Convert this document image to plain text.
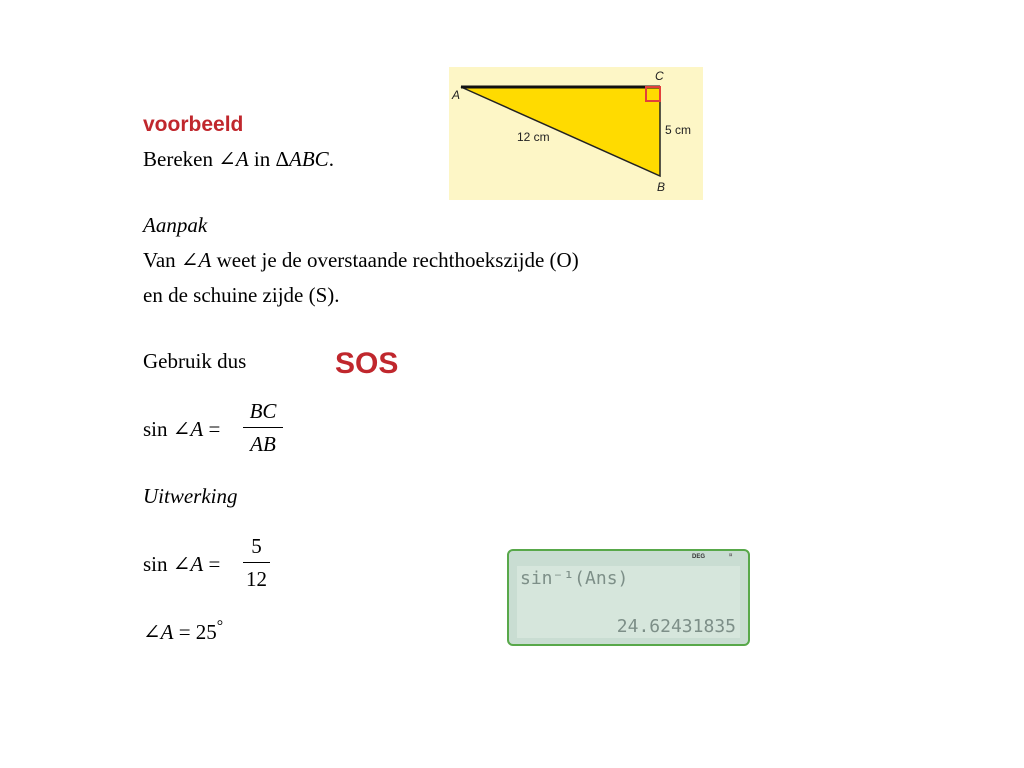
voorbeeld
Bereken ∠A in ΔABC.
Aanpak
Van ∠A weet je de overstaande rechthoekszijde (O)
en de schuine zijde (S).
Gebruik dus	SOS
sin ∠A =
BC
AB
Uitwerking
sin ∠A =
5
12
∠A = 25°
A
C
B
12 cm	5 cm
DEG	¤
sin⁻¹(Ans)
24.62431835
